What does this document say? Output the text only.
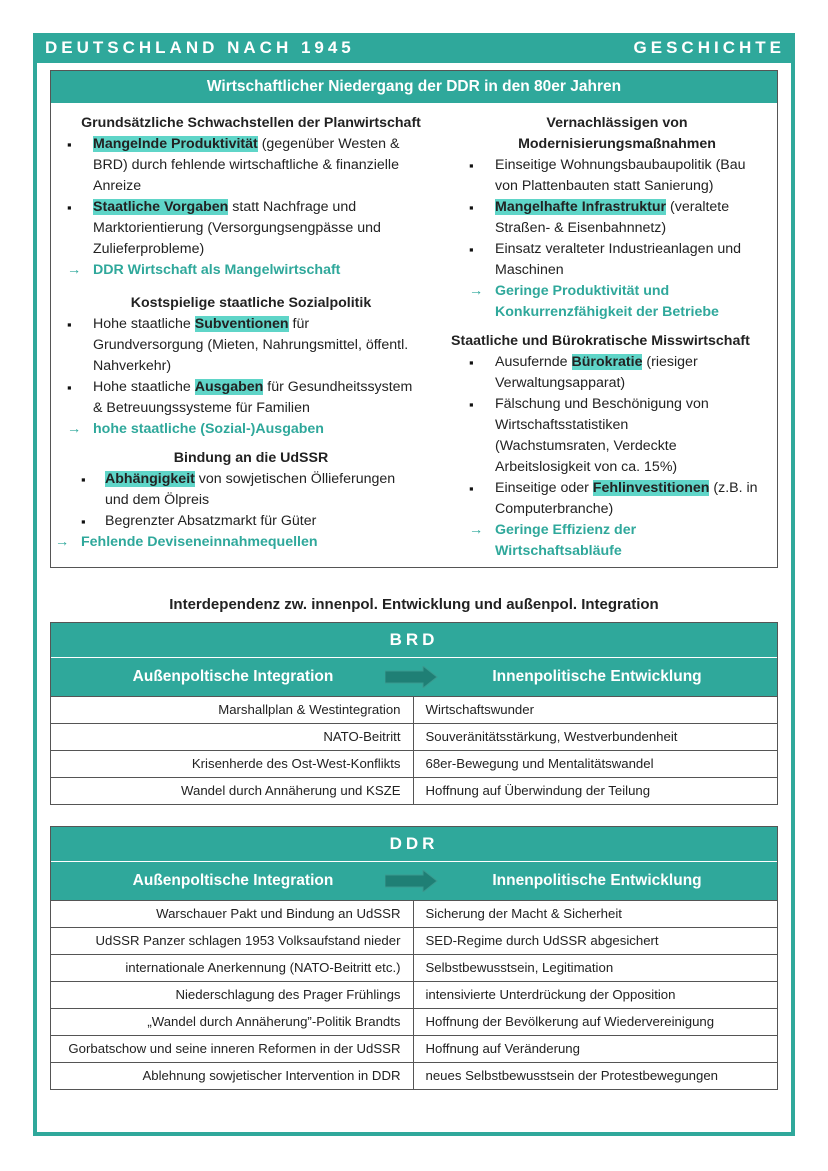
DEUTSCHLAND NACH 1945	GESCHICHTE
Wirtschaftlicher Niedergang der DDR in den 80er Jahren
Grundsätzliche Schwachstellen der Planwirtschaft
▪ Mangelnde Produktivität (gegenüber Westen &
BRD) durch fehlende wirtschaftliche & finanzielle
Anreize
▪ Staatliche Vorgaben statt Nachfrage und
Marktorientierung (Versorgungsengpässe und
Zulieferprobleme)
→ DDR Wirtschaft als Mangelwirtschaft
Kostspielige staatliche Sozialpolitik
▪ Hohe staatliche Subventionen für
Grundversorgung (Mieten, Nahrungsmittel, öffentl.
Nahverkehr)
▪ Hohe staatliche Ausgaben für Gesundheitssystem
& Betreuungssysteme für Familien
→ hohe staatliche (Sozial-)Ausgaben
Bindung an die UdSSR
▪ Abhängigkeit von sowjetischen Öllieferungen
und dem Ölpreis
▪ Begrenzter Absatzmarkt für Güter
→ Fehlende Deviseneinnahmequellen
Vernachlässigen von
Modernisierungsmaßnahmen
▪ Einseitige Wohnungsbaubaupolitik (Bau
von Plattenbauten statt Sanierung)
▪ Mangelhafte Infrastruktur (veraltete
Straßen- & Eisenbahnnetz)
▪ Einsatz veralteter Industrieanlagen und
Maschinen
→ Geringe Produktivität und
Konkurrenzfähigkeit der Betriebe
Staatliche und Bürokratische Misswirtschaft
▪ Ausufernde Bürokratie (riesiger
Verwaltungsapparat)
▪ Fälschung und Beschönigung von
Wirtschaftsstatistiken
(Wachstumsraten, Verdeckte
Arbeitslosigkeit von ca. 15%)
▪ Einseitige oder Fehlinvestitionen (z.B. in
Computerbranche)
→ Geringe Effizienz der
Wirtschaftsabläufe
Interdependenz zw. innenpol. Entwicklung und außenpol. Integration
BRD
Außenpoltische Integration	Innenpolitische Entwicklung
Marshallplan & Westintegration	Wirtschaftswunder
NATO-Beitritt	Souveränitätsstärkung, Westverbundenheit
Krisenherde des Ost-West-Konflikts	68er-Bewegung und Mentalitätswandel
Wandel durch Annäherung und KSZE	Hoffnung auf Überwindung der Teilung
DDR
Außenpoltische Integration	Innenpolitische Entwicklung
Warschauer Pakt und Bindung an UdSSR	Sicherung der Macht & Sicherheit
UdSSR Panzer schlagen 1953 Volksaufstand nieder	SED-Regime durch UdSSR abgesichert
internationale Anerkennung (NATO-Beitritt etc.)	Selbstbewusstsein, Legitimation
Niederschlagung des Prager Frühlings	intensivierte Unterdrückung der Opposition
„Wandel durch Annäherung”-Politik Brandts	Hoffnung der Bevölkerung auf Wiedervereinigung
Gorbatschow und seine inneren Reformen in der UdSSR	Hoffnung auf Veränderung
Ablehnung sowjetischer Intervention in DDR	neues Selbstbewusstsein der Protestbewegungen
